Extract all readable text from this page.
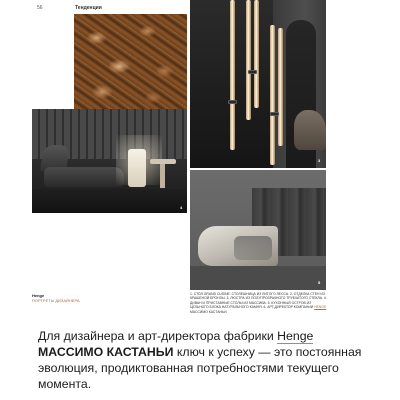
56	Тенденции
3
4
5
Henge
ПОРТРЕТЫ ДИЗАЙНЕРА
1. СТОЛ GRAND CUSINE: СТОЛЕШНИЦА ИЗ ЛИТОГО ЛЕССА. 2. ОТДЕЛКА СТЕН ИЗ КРАШЕНОЙ БРОНЗЫ. 3. ЛЮСТРА ИЗ ПОЛУПРОЗРАЧНОГО ТРУБЧАТОГО СТЕКЛА. 4. ДИВАН И ПРИСТАВНЫЕ СТОЛЫ ИЗ МАССИВА. 5. КУХОННЫЙ ОСТРОВ ИЗ ЦЕЛЬНОГО БЛОКА НАТУРАЛЬНОГО КАМНЯ. 6. АРТ-ДИРЕКТОР КОМПАНИИ HENGE МАССИМО КАСТАНЬИ
Для дизайнера и арт-директора фабрики Henge МАССИМО КАСТАНЬИ ключ к успеху — это постоянная эволюция, продиктованная потребностями текущего момента.
